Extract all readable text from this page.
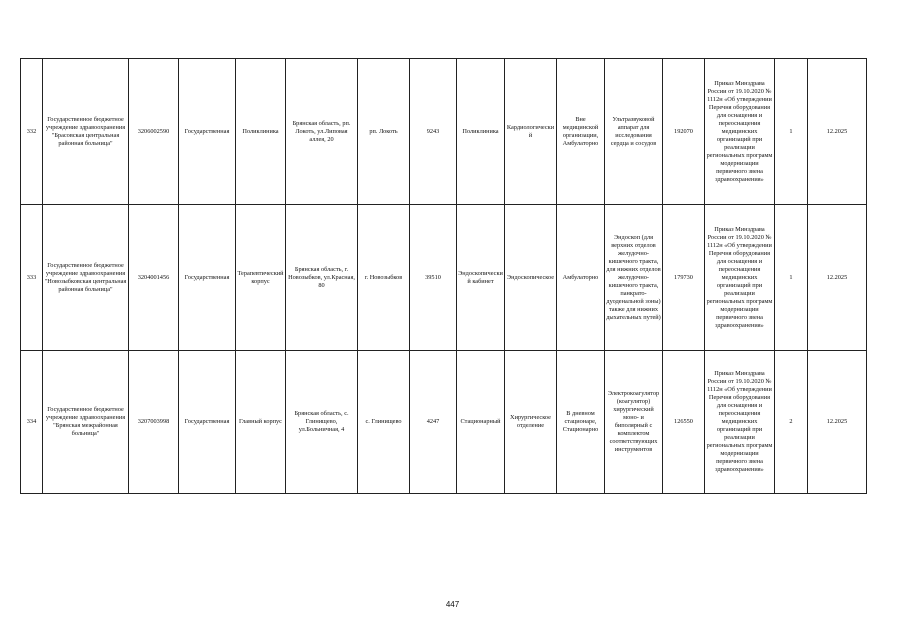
332	Государственное бюджетное учреждение здравоохранения "Брасовская центральная районная больница"	3206002590	Государственная	Поликлиника	Брянская область, рп. Локоть, ул.Липовая аллея, 20	рп. Локоть	9243	Поликлиника	Кардиологический	Вне медицинской организации, Амбулаторно	Ультразвуковой аппарат для исследования сердца и сосудов	192070	Приказ Минздрава России от 19.10.2020 № 1112н «Об утверждении Перечня оборудования для оснащения и переоснащения медицинских организаций при реализации региональных программ модернизации первичного звена здравоохранения»	1	12.2025
333	Государственное бюджетное учреждение здравоохранения "Новозыбковская центральная районная больница"	3204001456	Государственная	Терапевтический корпус	Брянская область, г. Новозыбков, ул.Красная, 80	г. Новозыбков	39510	Эндоскопический кабинет	Эндоскопическое	Амбулаторно	Эндоскоп (для верхних отделов желудочно-кишечного тракта, для нижних отделов желудочно-кишечного тракта, панкрато-дуоденальной зоны) также для нижних дыхательных путей)	179730	Приказ Минздрава России от 19.10.2020 № 1112н «Об утверждении Перечня оборудования для оснащения и переоснащения медицинских организаций при реализации региональных программ модернизации первичного звена здравоохранения»	1	12.2025
334	Государственное бюджетное учреждение здравоохранения "Брянская межрайонная больница"	3207003998	Государственная	Главный корпус	Брянская область, с. Глинищево, ул.Больничная, 4	с. Глинищево	4247	Стационарный	Хирургическое отделение	В дневном стационаре, Стационарно	Электрокоагулятор (коагулятор) хирургический моно- и биполярный с комплектом соответствующих инструментов	126550	Приказ Минздрава России от 19.10.2020 № 1112н «Об утверждении Перечня оборудования для оснащения и переоснащения медицинских организаций при реализации региональных программ модернизации первичного звена здравоохранения»	2	12.2025
447
